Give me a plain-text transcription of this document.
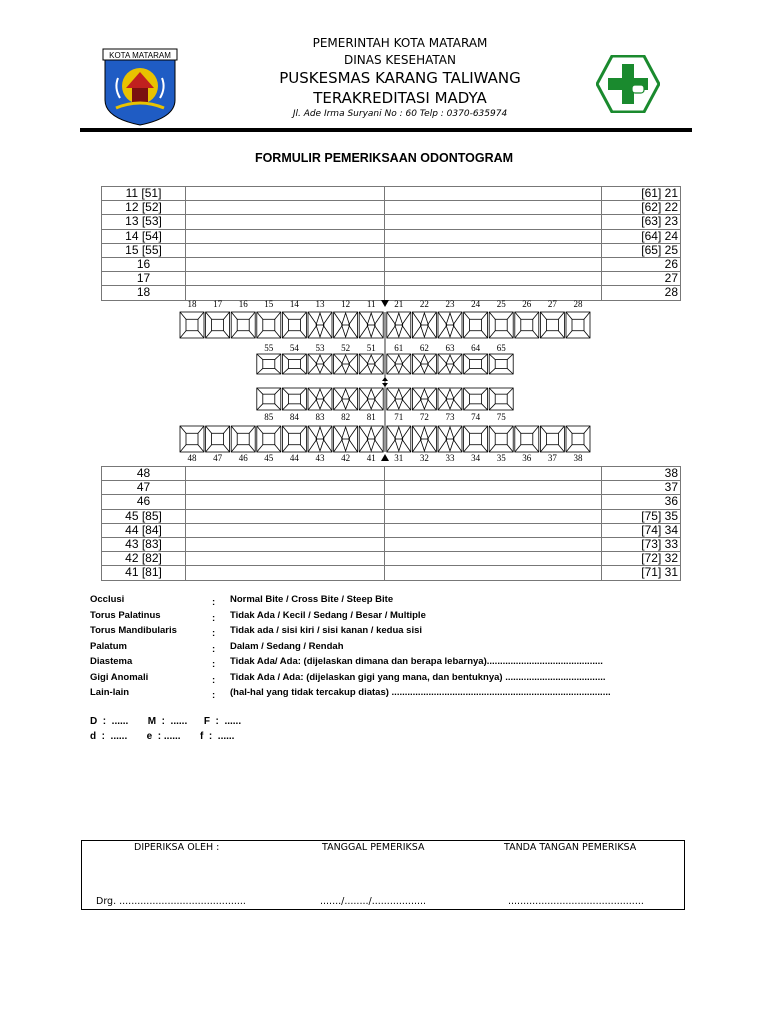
KOTA MATARAM
PEMERINTAH KOTA MATARAM
DINAS KESEHATAN
PUSKESMAS KARANG TALIWANG
TERAKREDITASI MADYA
Jl. Ade Irma Suryani No : 60 Telp : 0370-635974
FORMULIR PEMERIKSAAN ODONTOGRAM
11 [51]			[61] 21
12 [52]			[62] 22
13 [53]			[63] 23
14 [54]			[64] 24
15 [55]			[65] 25
16			26
17			27
18			28
18 17 16 15 14 13 12 11 21 22 23 24 25 26 27 28
55 54 53 52 51 61 62 63 64 65
85 84 83 82 81 71 72 73 74 75
48 47 46 45 44 43 42 41 31 32 33 34 35 36 37 38
48			38
47			37
46			36
45 [85]			[75] 35
44 [84]			[74] 34
43 [83]			[73] 33
42 [82]			[72] 32
41 [81]			[71] 31
Occlusi	: Normal Bite / Cross Bite / Steep Bite
Torus Palatinus	: Tidak Ada / Kecil / Sedang / Besar / Multiple
Torus Mandibularis	: Tidak ada / sisi kiri / sisi kanan / kedua sisi
Palatum	: Dalam / Sedang / Rendah
Diastema	: Tidak Ada/ Ada: (dijelaskan dimana dan berapa lebarnya)............................................
Gigi Anomali	: Tidak Ada / Ada: (dijelaskan gigi yang mana, dan bentuknya) ......................................
Lain-lain	: (hal-hal yang tidak tercakup diatas) ...................................................................................
D  :  ......       M  :  ......      F  :  ......
d  :  ......       e  : ......       f  :  ......
DIPERIKSA OLEH :	TANGGAL PEMERIKSA	TANDA TANGAN PEMERIKSA
Drg. ..........................................	......./......../..................	.............................................
